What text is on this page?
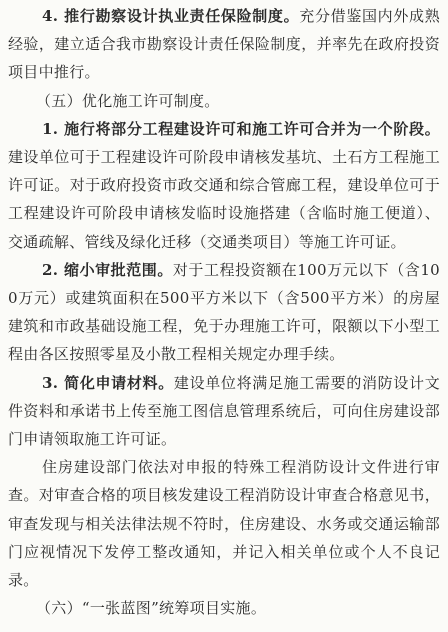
4. 推行勘察设计执业责任保险制度。充分借鉴国内外成熟经验，建立适合我市勘察设计责任保险制度，并率先在政府投资项目中推行。

（五）优化施工许可制度。

1. 施行将部分工程建设许可和施工许可合并为一个阶段。建设单位可于工程建设许可阶段申请核发基坑、土石方工程施工许可证。对于政府投资市政交通和综合管廊工程，建设单位可于工程建设许可阶段申请核发临时设施搭建（含临时施工便道）、交通疏解、管线及绿化迁移（交通类项目）等施工许可证。

2. 缩小审批范围。对于工程投资额在100万元以下（含100万元）或建筑面积在500平方米以下（含500平方米）的房屋建筑和市政基础设施工程，免于办理施工许可，限额以下小型工程由各区按照零星及小散工程相关规定办理手续。

3. 简化申请材料。建设单位将满足施工需要的消防设计文件资料和承诺书上传至施工图信息管理系统后，可向住房建设部门申请领取施工许可证。

住房建设部门依法对申报的特殊工程消防设计文件进行审查。对审查合格的项目核发建设工程消防设计审查合格意见书，审查发现与相关法律法规不符时，住房建设、水务或交通运输部门应视情况下发停工整改通知，并记入相关单位或个人不良记录。

（六）“一张蓝图”统筹项目实施。
